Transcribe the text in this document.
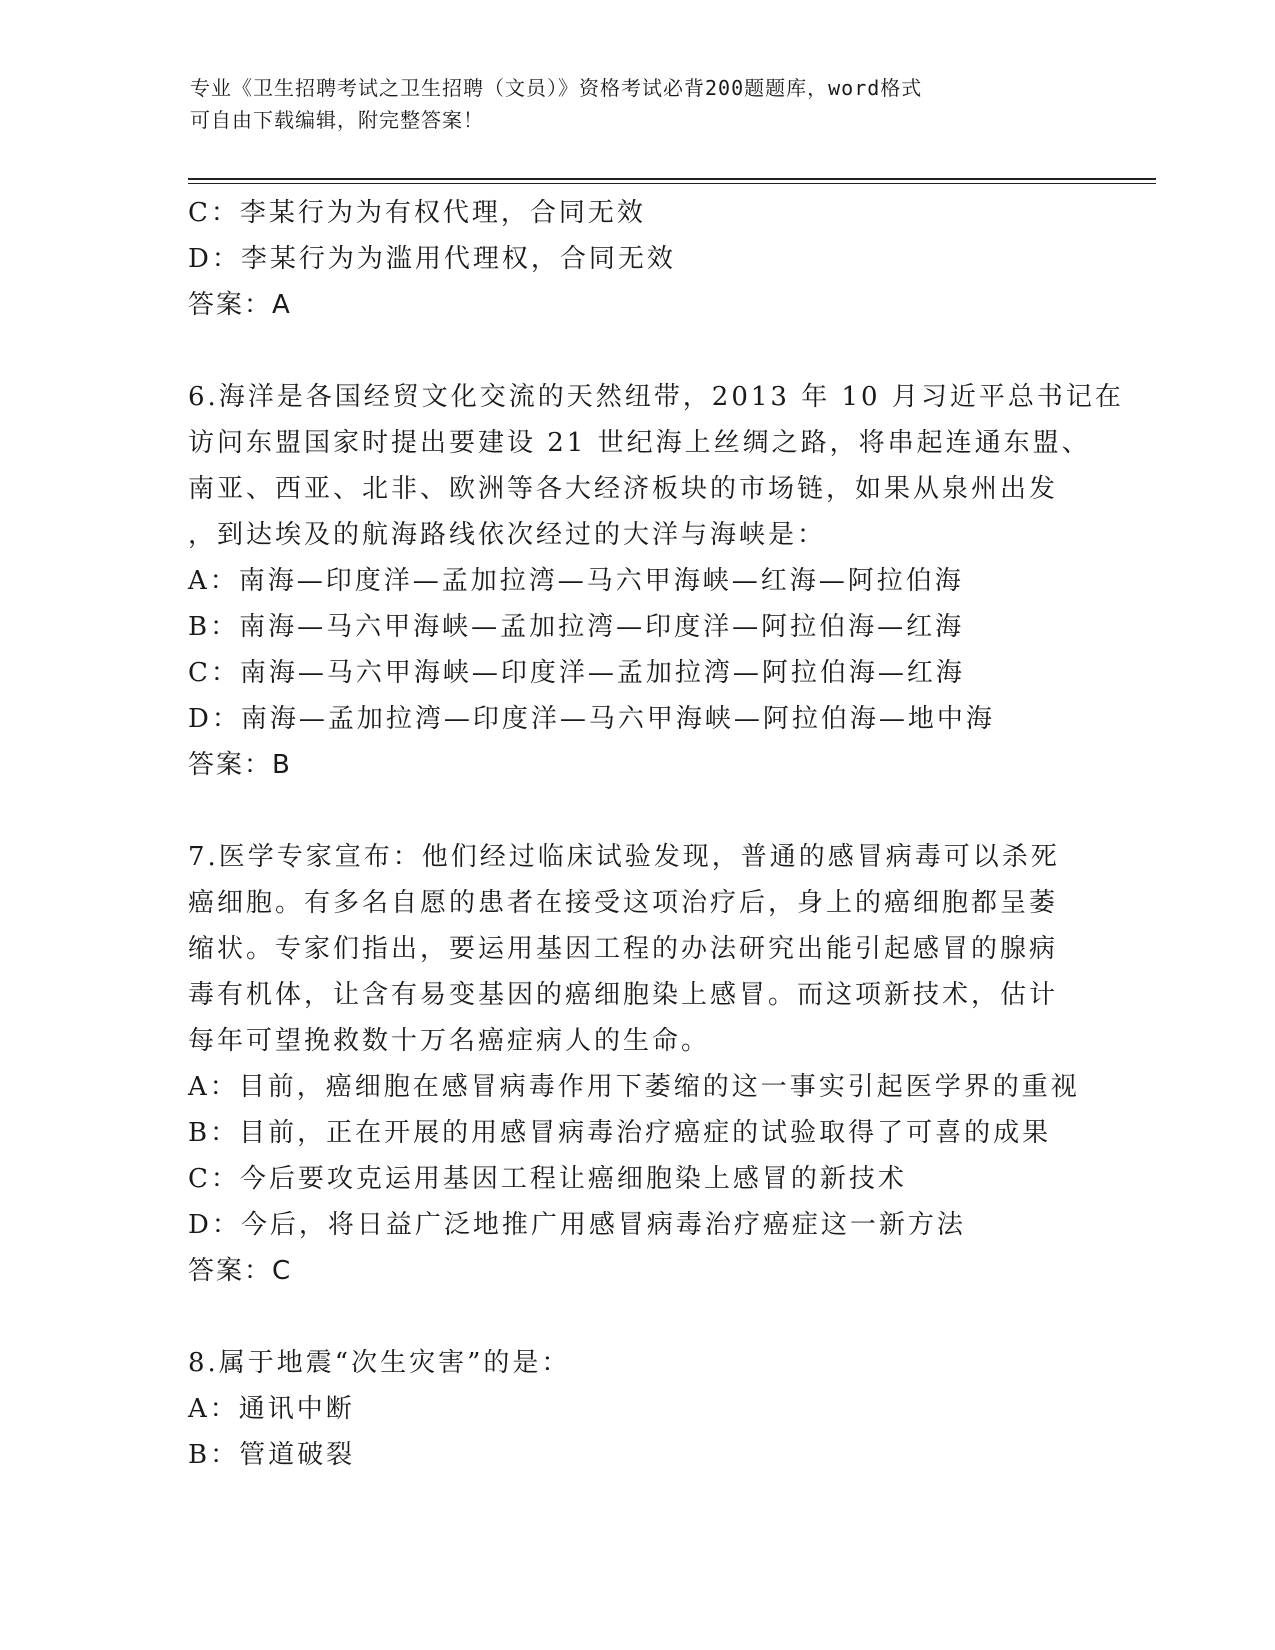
专业《卫生招聘考试之卫生招聘（文员）》资格考试必背200题题库，word格式
可自由下载编辑，附完整答案！
C：李某行为为有权代理，合同无效
D：李某行为为滥用代理权，合同无效
答案：A
6.海洋是各国经贸文化交流的天然纽带，2013 年 10 月习近平总书记在
访问东盟国家时提出要建设 21 世纪海上丝绸之路，将串起连通东盟、
南亚、西亚、北非、欧洲等各大经济板块的市场链，如果从泉州出发
，到达埃及的航海路线依次经过的大洋与海峡是：
A：南海—印度洋—孟加拉湾—马六甲海峡—红海—阿拉伯海
B：南海—马六甲海峡—孟加拉湾—印度洋—阿拉伯海—红海
C：南海—马六甲海峡—印度洋—孟加拉湾—阿拉伯海—红海
D：南海—孟加拉湾—印度洋—马六甲海峡—阿拉伯海—地中海
答案：B
7.医学专家宣布：他们经过临床试验发现，普通的感冒病毒可以杀死
癌细胞。有多名自愿的患者在接受这项治疗后，身上的癌细胞都呈萎
缩状。专家们指出，要运用基因工程的办法研究出能引起感冒的腺病
毒有机体，让含有易变基因的癌细胞染上感冒。而这项新技术，估计
每年可望挽救数十万名癌症病人的生命。
A：目前，癌细胞在感冒病毒作用下萎缩的这一事实引起医学界的重视
B：目前，正在开展的用感冒病毒治疗癌症的试验取得了可喜的成果
C：今后要攻克运用基因工程让癌细胞染上感冒的新技术
D：今后，将日益广泛地推广用感冒病毒治疗癌症这一新方法
答案：C
8.属于地震“次生灾害”的是：
A：通讯中断
B：管道破裂
